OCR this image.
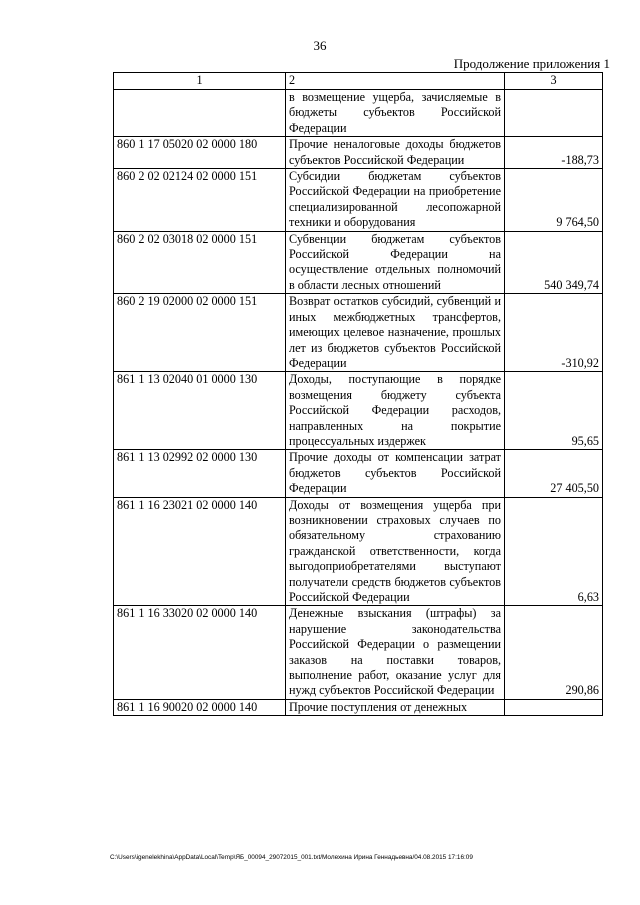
36
Продолжение приложения 1
1	2	3
	в возмещение ущерба, зачисляемые в бюджеты субъектов Российской Федерации	
860 1 17 05020 02 0000 180	Прочие неналоговые доходы бюджетов субъектов Российской Федерации	-188,73
860 2 02 02124 02 0000 151	Субсидии бюджетам субъектов Российской Федерации на приобретение специализированной лесопожарной техники и оборудования	9 764,50
860 2 02 03018 02 0000 151	Субвенции бюджетам субъектов Российской Федерации на осуществление отдельных полномочий в области лесных отношений	540 349,74
860 2 19 02000 02 0000 151	Возврат остатков субсидий, субвенций и иных межбюджетных трансфертов, имеющих целевое назначение, прошлых лет из бюджетов субъектов Российской Федерации	-310,92
861 1 13 02040 01 0000 130	Доходы, поступающие в порядке возмещения бюджету субъекта Российской Федерации расходов, направленных на покрытие процессуальных издержек	95,65
861 1 13 02992 02 0000 130	Прочие доходы от компенсации затрат бюджетов субъектов Российской Федерации	27 405,50
861 1 16 23021 02 0000 140	Доходы от возмещения ущерба при возникновении страховых случаев по обязательному страхованию гражданской ответственности, когда выгодоприобретателями выступают получатели средств бюджетов субъектов Российской Федерации	6,63
861 1 16 33020 02 0000 140	Денежные взыскания (штрафы) за нарушение законодательства Российской Федерации о размещении заказов на поставки товаров, выполнение работ, оказание услуг для нужд субъектов Российской Федерации	290,86
861 1 16 90020 02 0000 140	Прочие поступления от денежных	
C:\Users\igenelekhina\AppData\Local\Temp\ЯБ_00094_29072015_001.txt/Молехина Ирина Геннадьевна/04.08.2015 17:16:09
